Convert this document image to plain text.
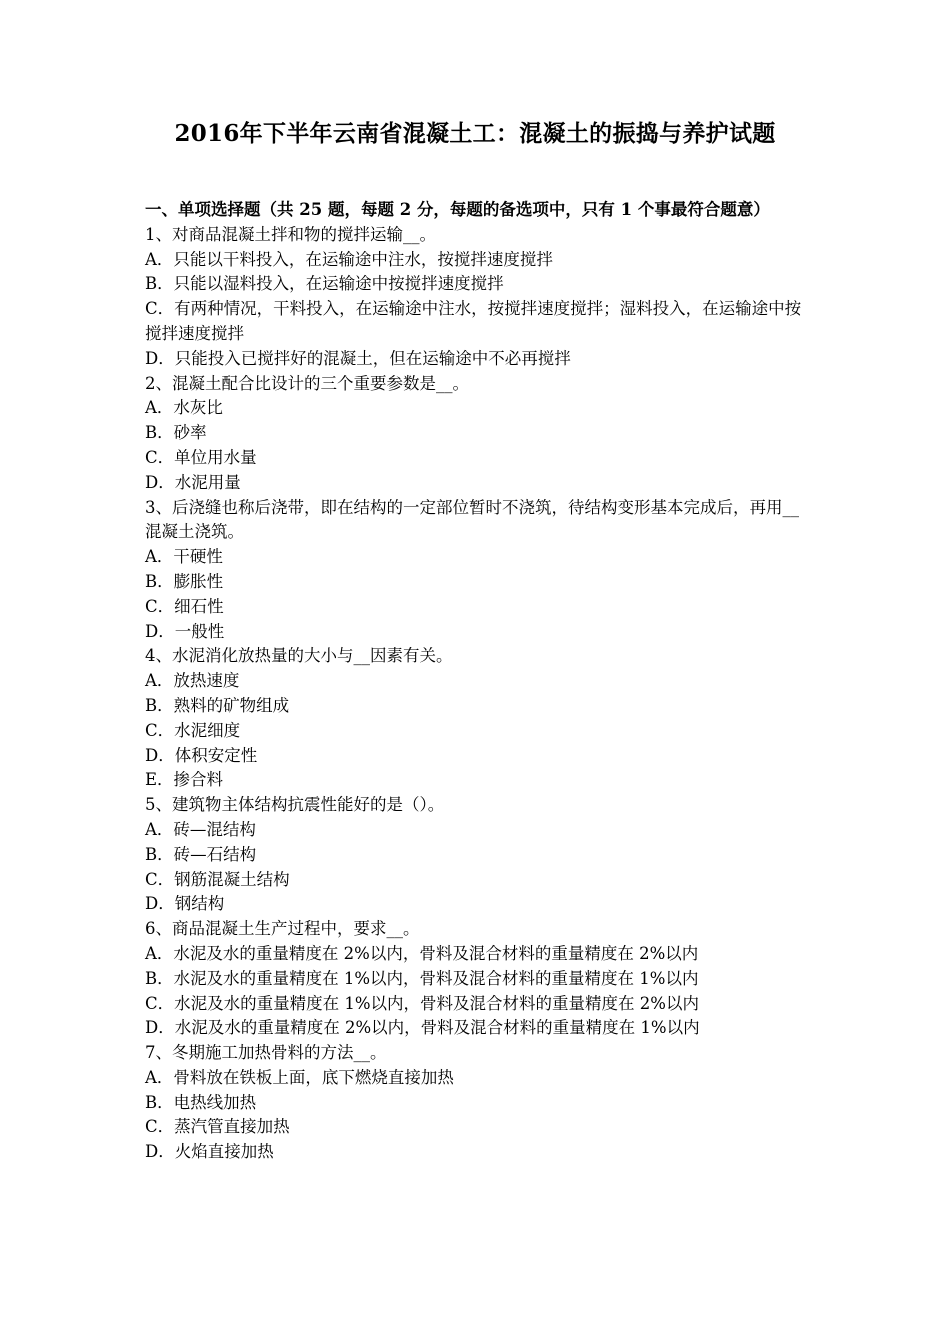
2016年下半年云南省混凝土工：混凝土的振捣与养护试题

一、单项选择题（共 25 题，每题 2 分，每题的备选项中，只有 1 个事最符合题意）

1、对商品混凝土拌和物的搅拌运输__。

A．只能以干料投入，在运输途中注水，按搅拌速度搅拌

B．只能以湿料投入，在运输途中按搅拌速度搅拌

C．有两种情况，干料投入，在运输途中注水，按搅拌速度搅拌；湿料投入，在运输途中按搅拌速度搅拌

D．只能投入已搅拌好的混凝土，但在运输途中不必再搅拌

2、混凝土配合比设计的三个重要参数是__。

A．水灰比

B．砂率

C．单位用水量

D．水泥用量

3、后浇缝也称后浇带，即在结构的一定部位暂时不浇筑，待结构变形基本完成后，再用__混凝土浇筑。

A．干硬性

B．膨胀性

C．细石性

D．一般性

4、水泥消化放热量的大小与__因素有关。

A．放热速度

B．熟料的矿物组成

C．水泥细度

D．体积安定性

E．掺合料

5、建筑物主体结构抗震性能好的是（）。

A．砖—混结构

B．砖—石结构

C．钢筋混凝土结构

D．钢结构

6、商品混凝土生产过程中，要求__。

A．水泥及水的重量精度在 2%以内，骨料及混合材料的重量精度在 2%以内

B．水泥及水的重量精度在 1%以内，骨料及混合材料的重量精度在 1%以内

C．水泥及水的重量精度在 1%以内，骨料及混合材料的重量精度在 2%以内

D．水泥及水的重量精度在 2%以内，骨料及混合材料的重量精度在 1%以内

7、冬期施工加热骨料的方法__。

A．骨料放在铁板上面，底下燃烧直接加热

B．电热线加热

C．蒸汽管直接加热

D．火焰直接加热
